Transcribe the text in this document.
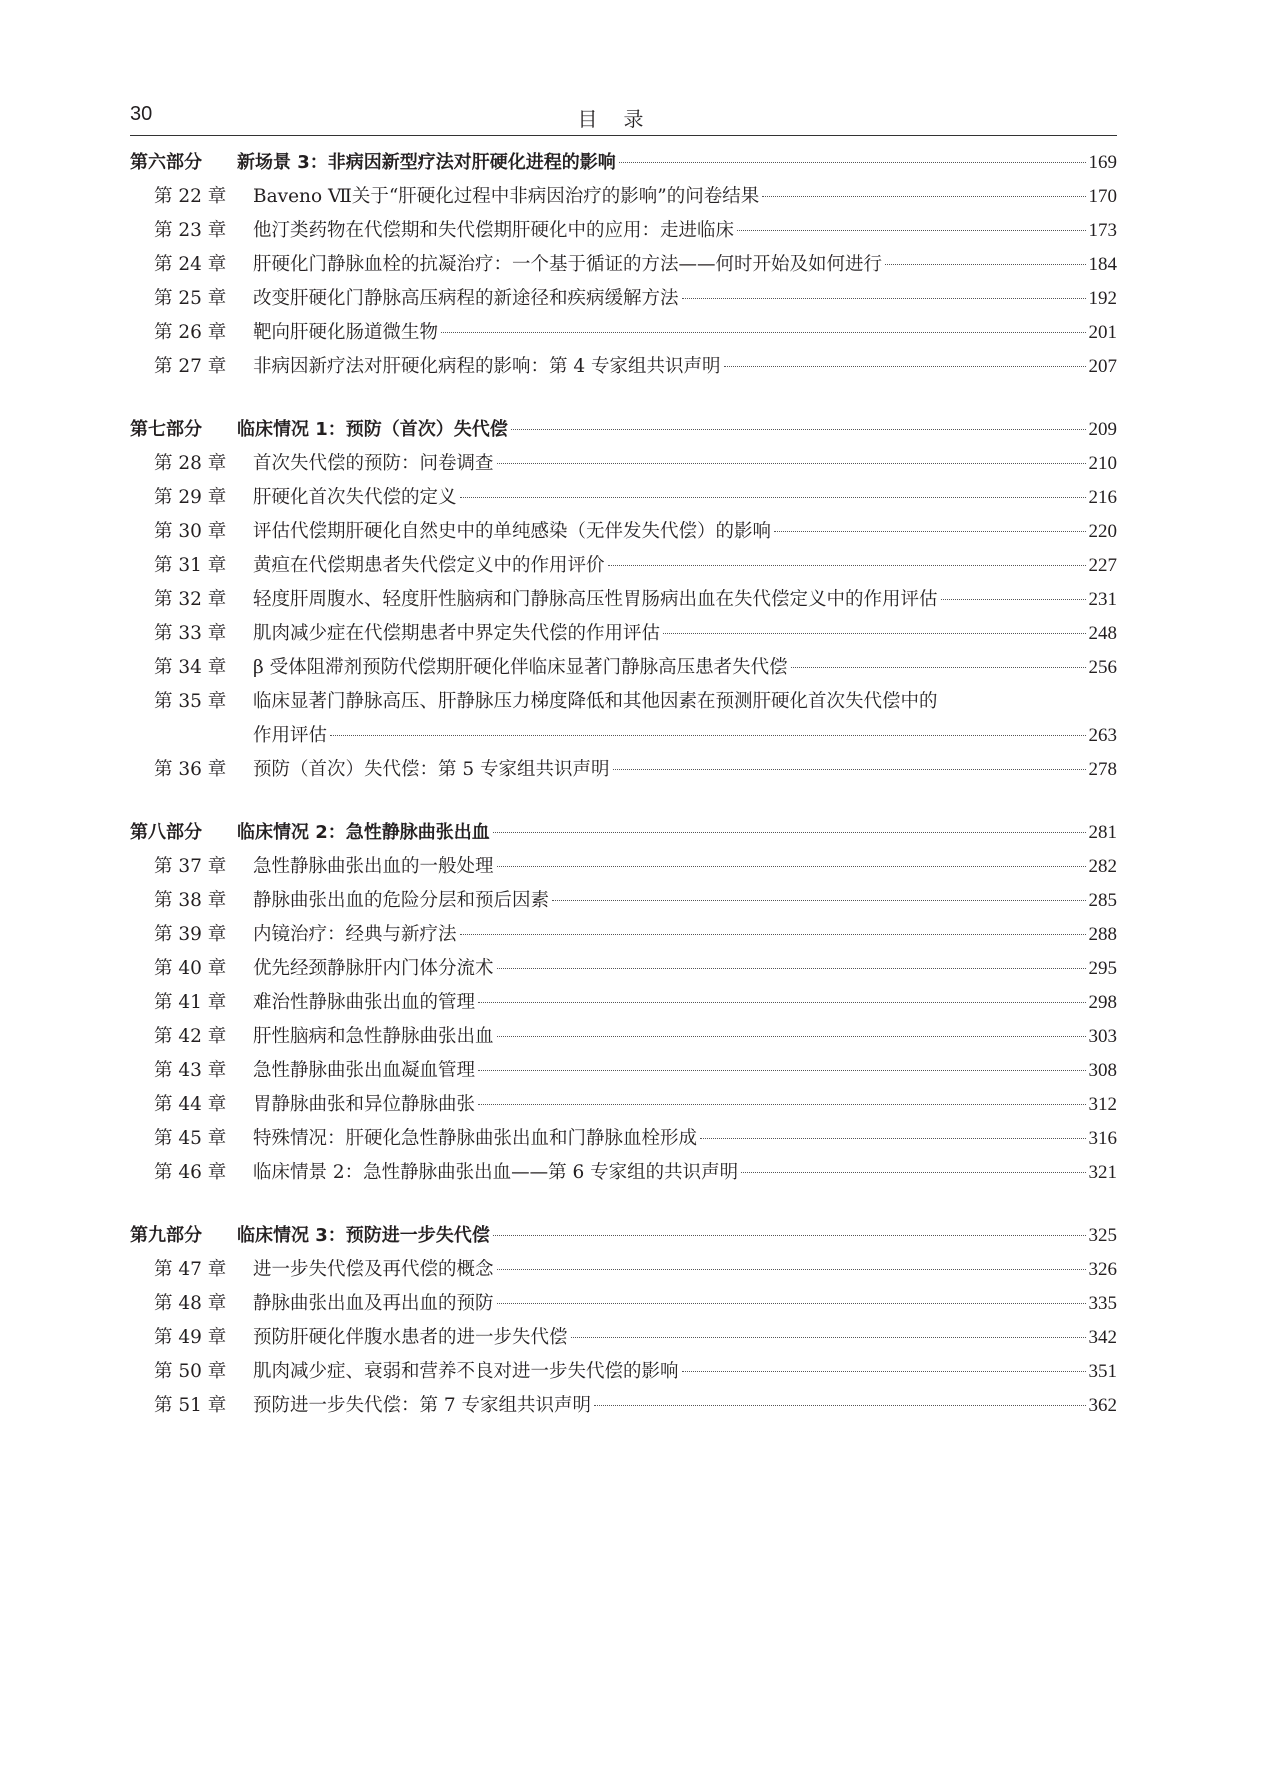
30	目录
第六部分	新场景 3：非病因新型疗法对肝硬化进程的影响	169
第 22 章	Baveno Ⅶ关于“肝硬化过程中非病因治疗的影响”的问卷结果	170
第 23 章	他汀类药物在代偿期和失代偿期肝硬化中的应用：走进临床	173
第 24 章	肝硬化门静脉血栓的抗凝治疗：一个基于循证的方法——何时开始及如何进行	184
第 25 章	改变肝硬化门静脉高压病程的新途径和疾病缓解方法	192
第 26 章	靶向肝硬化肠道微生物	201
第 27 章	非病因新疗法对肝硬化病程的影响：第 4 专家组共识声明	207
第七部分	临床情况 1：预防（首次）失代偿	209
第 28 章	首次失代偿的预防：问卷调查	210
第 29 章	肝硬化首次失代偿的定义	216
第 30 章	评估代偿期肝硬化自然史中的单纯感染（无伴发失代偿）的影响	220
第 31 章	黄疸在代偿期患者失代偿定义中的作用评价	227
第 32 章	轻度肝周腹水、轻度肝性脑病和门静脉高压性胃肠病出血在失代偿定义中的作用评估	231
第 33 章	肌肉减少症在代偿期患者中界定失代偿的作用评估	248
第 34 章	β 受体阻滞剂预防代偿期肝硬化伴临床显著门静脉高压患者失代偿	256
第 35 章	临床显著门静脉高压、肝静脉压力梯度降低和其他因素在预测肝硬化首次失代偿中的
作用评估	263
第 36 章	预防（首次）失代偿：第 5 专家组共识声明	278
第八部分	临床情况 2：急性静脉曲张出血	281
第 37 章	急性静脉曲张出血的一般处理	282
第 38 章	静脉曲张出血的危险分层和预后因素	285
第 39 章	内镜治疗：经典与新疗法	288
第 40 章	优先经颈静脉肝内门体分流术	295
第 41 章	难治性静脉曲张出血的管理	298
第 42 章	肝性脑病和急性静脉曲张出血	303
第 43 章	急性静脉曲张出血凝血管理	308
第 44 章	胃静脉曲张和异位静脉曲张	312
第 45 章	特殊情况：肝硬化急性静脉曲张出血和门静脉血栓形成	316
第 46 章	临床情景 2：急性静脉曲张出血——第 6 专家组的共识声明	321
第九部分	临床情况 3：预防进一步失代偿	325
第 47 章	进一步失代偿及再代偿的概念	326
第 48 章	静脉曲张出血及再出血的预防	335
第 49 章	预防肝硬化伴腹水患者的进一步失代偿	342
第 50 章	肌肉减少症、衰弱和营养不良对进一步失代偿的影响	351
第 51 章	预防进一步失代偿：第 7 专家组共识声明	362
